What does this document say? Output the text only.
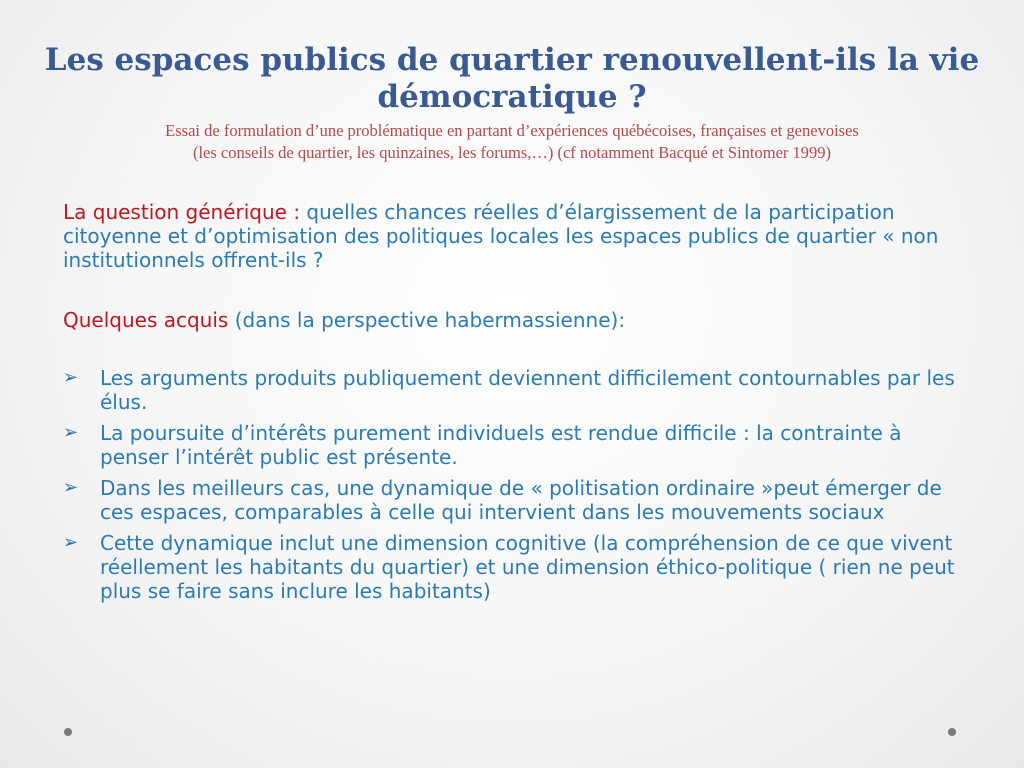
Les espaces publics de quartier renouvellent-ils la vie démocratique ?

Essai de formulation d’une problématique en partant d’expériences québécoises, françaises et genevoises
(les conseils de quartier, les quinzaines, les forums,…) (cf notamment Bacqué et Sintomer 1999)

La question générique : quelles chances réelles d’élargissement de la participation citoyenne et d’optimisation des politiques locales les espaces publics de quartier « non institutionnels offrent-ils ?

Quelques acquis (dans la perspective habermassienne):

➢ Les arguments produits publiquement deviennent difficilement contournables par les élus.
➢ La poursuite d’intérêts purement individuels est rendue difficile : la contrainte à penser l’intérêt public est présente.
➢ Dans les meilleurs cas, une dynamique de « politisation ordinaire »peut émerger de ces espaces, comparables à celle qui intervient dans les mouvements sociaux
➢ Cette dynamique inclut une dimension cognitive (la compréhension de ce que vivent réellement les habitants du quartier) et une dimension éthico-politique ( rien ne peut plus se faire sans inclure les habitants)
